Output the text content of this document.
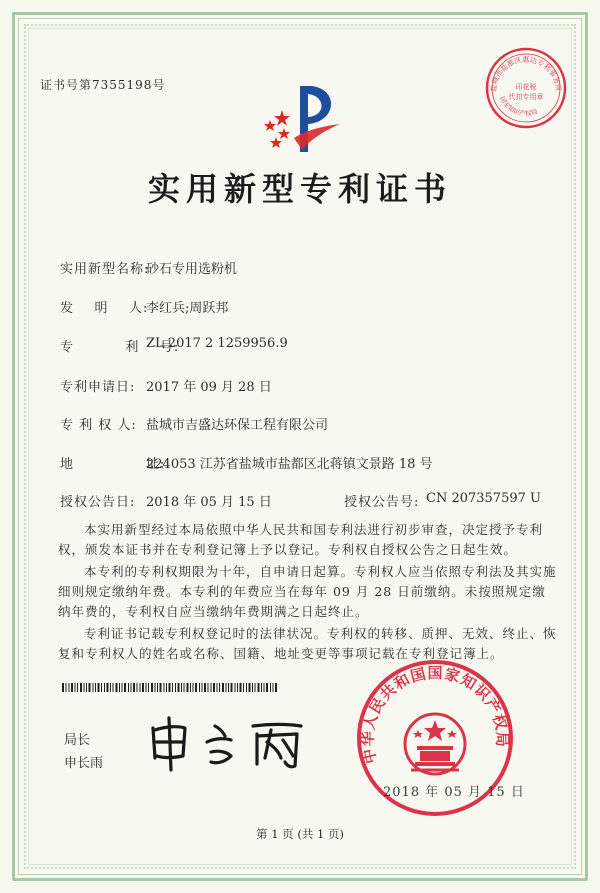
证书号第7355198号	盐城市盐都区惠达专利事务所
印花税
代扣专用章
国家知识产权局
实用新型专利证书
实用新型名称:
砂石专用选粉机
发    明    人:
李红兵;周跃邦
专          利    号:
ZL 2017 2 1259956.9
专利申请日: 2017 年 09 月 28 日
专 利 权 人: 盐城市吉盛达环保工程有限公司
地              址:
224053 江苏省盐城市盐都区北蒋镇文景路 18 号
授权公告日: 2018 年 05 月 15 日	授权公告号: CN 207357597 U
本实用新型经过本局依照中华人民共和国专利法进行初步审查，决定授予专利权，颁发本证书并在专利登记簿上予以登记。专利权自授权公告之日起生效。
本专利的专利权期限为十年，自申请日起算。专利权人应当依照专利法及其实施细则规定缴纳年费。本专利的年费应当在每年 09 月 28 日前缴纳。未按照规定缴纳年费的，专利权自应当缴纳年费期满之日起终止。
专利证书记载专利权登记时的法律状况。专利权的转移、质押、无效、终止、恢复和专利权人的姓名或名称、国籍、地址变更等事项记载在专利登记簿上。
局长
申长雨	中华人民共和国国家知识产权局
2018 年 05 月 15 日
第 1 页 (共 1 页)
